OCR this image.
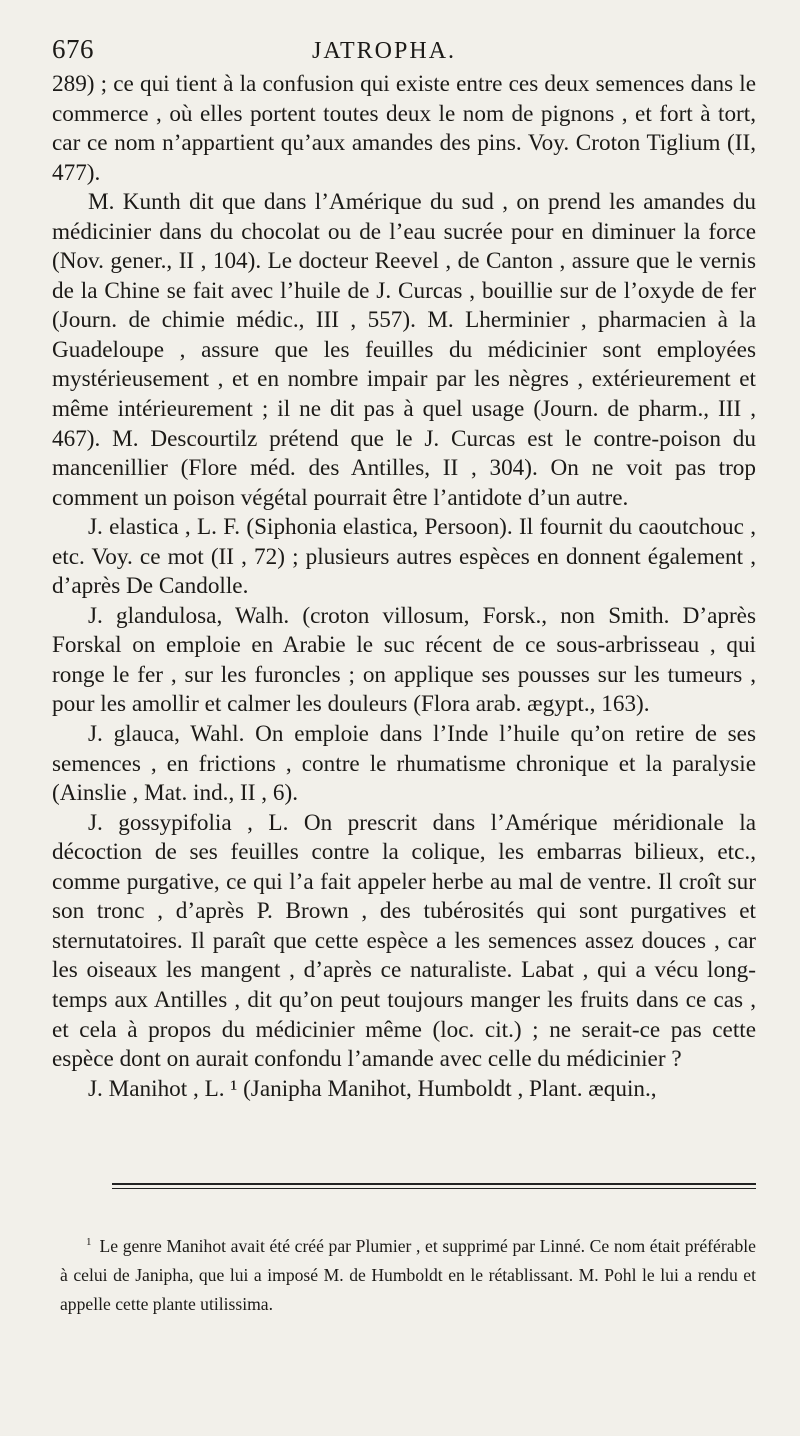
676	JATROPHA.

289) ; ce qui tient à la confusion qui existe entre ces deux semences dans le commerce , où elles portent toutes deux le nom de pignons , et fort à tort, car ce nom n’appartient qu’aux amandes des pins. Voy. Croton Tiglium (II, 477).

M. Kunth dit que dans l’Amérique du sud , on prend les amandes du médicinier dans du chocolat ou de l’eau sucrée pour en diminuer la force (Nov. gener., II , 104). Le docteur Reevel , de Canton , assure que le vernis de la Chine se fait avec l’huile de J. Curcas , bouillie sur de l’oxyde de fer (Journ. de chimie médic., III , 557). M. Lherminier , pharmacien à la Guadeloupe , assure que les feuilles du médicinier sont employées mystérieusement , et en nombre impair par les nègres , extérieurement et même intérieurement ; il ne dit pas à quel usage (Journ. de pharm., III , 467). M. Descourtilz prétend que le J. Curcas est le contre-poison du mancenillier (Flore méd. des Antilles, II , 304). On ne voit pas trop comment un poison végétal pourrait être l’antidote d’un autre.

J. elastica , L. F. (Siphonia elastica, Persoon). Il fournit du caoutchouc , etc. Voy. ce mot (II , 72) ; plusieurs autres espèces en donnent également , d’après De Candolle.

J. glandulosa, Walh. (croton villosum, Forsk., non Smith. D’après Forskal on emploie en Arabie le suc récent de ce sous-arbrisseau , qui ronge le fer , sur les furoncles ; on applique ses pousses sur les tumeurs , pour les amollir et calmer les douleurs (Flora arab. ægypt., 163).

J. glauca, Wahl. On emploie dans l’Inde l’huile qu’on retire de ses semences , en frictions , contre le rhumatisme chronique et la paralysie (Ainslie , Mat. ind., II , 6).

J. gossypifolia , L. On prescrit dans l’Amérique méridionale la décoction de ses feuilles contre la colique, les embarras bilieux, etc., comme purgative, ce qui l’a fait appeler herbe au mal de ventre. Il croît sur son tronc , d’après P. Brown , des tubérosités qui sont purgatives et sternutatoires. Il paraît que cette espèce a les semences assez douces , car les oiseaux les mangent , d’après ce naturaliste. Labat , qui a vécu long-temps aux Antilles , dit qu’on peut toujours manger les fruits dans ce cas , et cela à propos du médicinier même (loc. cit.) ; ne serait-ce pas cette espèce dont on aurait confondu l’amande avec celle du médicinier ?

J. Manihot , L. ¹ (Janipha Manihot, Humboldt , Plant. æquin.,

$^1$ Le genre Manihot avait été créé par Plumier , et supprimé par Linné. Ce nom était préférable à celui de Janipha, que lui a imposé M. de Humboldt en le rétablissant. M. Pohl le lui a rendu et appelle cette plante utilissima.
